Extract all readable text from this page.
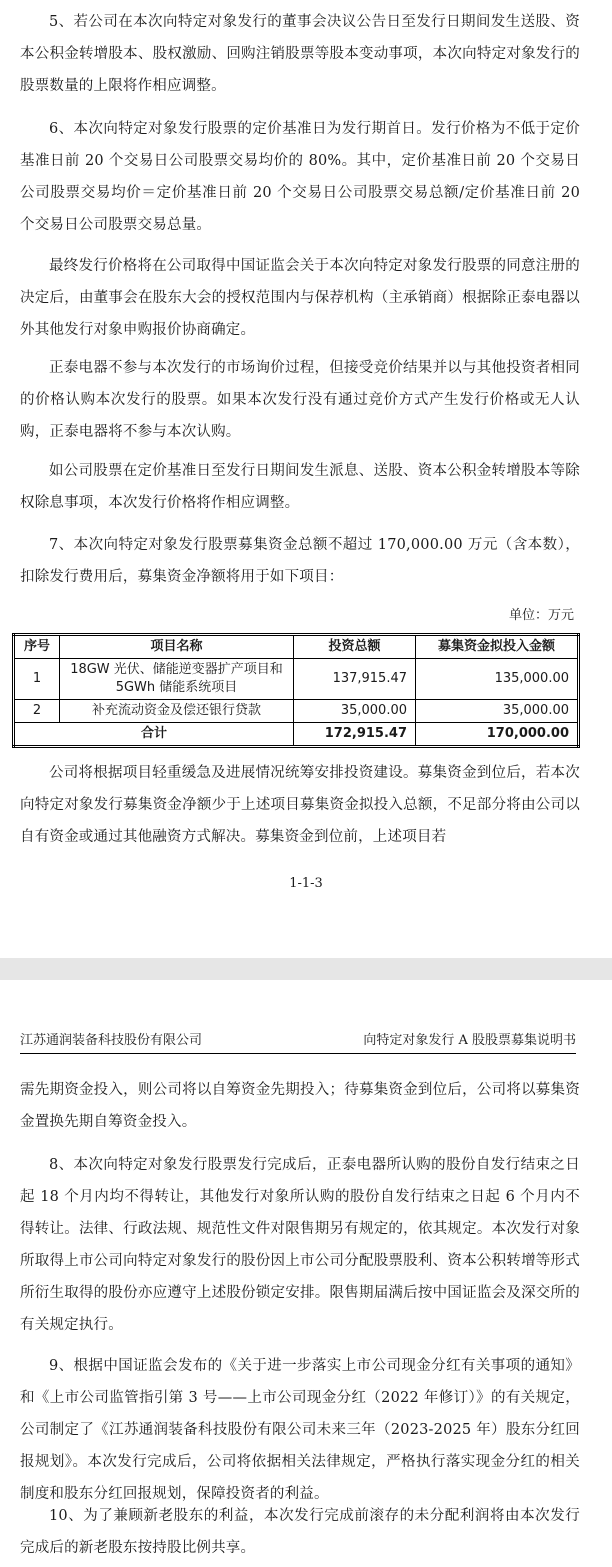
5、若公司在本次向特定对象发行的董事会决议公告日至发行日期间发生送股、资本公积金转增股本、股权激励、回购注销股票等股本变动事项，本次向特定对象发行的股票数量的上限将作相应调整。

6、本次向特定对象发行股票的定价基准日为发行期首日。发行价格为不低于定价基准日前 20 个交易日公司股票交易均价的 80%。其中，定价基准日前 20 个交易日公司股票交易均价＝定价基准日前 20 个交易日公司股票交易总额/定价基准日前 20 个交易日公司股票交易总量。

最终发行价格将在公司取得中国证监会关于本次向特定对象发行股票的同意注册的决定后，由董事会在股东大会的授权范围内与保荐机构（主承销商）根据除正泰电器以外其他发行对象申购报价协商确定。

正泰电器不参与本次发行的市场询价过程，但接受竞价结果并以与其他投资者相同的价格认购本次发行的股票。如果本次发行没有通过竞价方式产生发行价格或无人认购，正泰电器将不参与本次认购。

如公司股票在定价基准日至发行日期间发生派息、送股、资本公积金转增股本等除权除息事项，本次发行价格将作相应调整。

7、本次向特定对象发行股票募集资金总额不超过 170,000.00 万元（含本数），扣除发行费用后，募集资金净额将用于如下项目：

单位：万元
序号	项目名称	投资总额	募集资金拟投入金额
1	18GW 光伏、储能逆变器扩产项目和 5GWh 储能系统项目	137,915.47	135,000.00
2	补充流动资金及偿还银行贷款	35,000.00	35,000.00
合计		172,915.47	170,000.00

公司将根据项目轻重缓急及进展情况统筹安排投资建设。募集资金到位后，若本次向特定对象发行募集资金净额少于上述项目募集资金拟投入总额，不足部分将由公司以自有资金或通过其他融资方式解决。募集资金到位前，上述项目若

1-1-3
江苏通润装备科技股份有限公司	向特定对象发行 A 股股票募集说明书

需先期资金投入，则公司将以自筹资金先期投入；待募集资金到位后，公司将以募集资金置换先期自筹资金投入。

8、本次向特定对象发行股票发行完成后，正泰电器所认购的股份自发行结束之日起 18 个月内均不得转让，其他发行对象所认购的股份自发行结束之日起 6 个月内不得转让。法律、行政法规、规范性文件对限售期另有规定的，依其规定。本次发行对象所取得上市公司向特定对象发行的股份因上市公司分配股票股利、资本公积转增等形式所衍生取得的股份亦应遵守上述股份锁定安排。限售期届满后按中国证监会及深交所的有关规定执行。

9、根据中国证监会发布的《关于进一步落实上市公司现金分红有关事项的通知》和《上市公司监管指引第 3 号——上市公司现金分红（2022 年修订）》的有关规定，公司制定了《江苏通润装备科技股份有限公司未来三年（2023-2025 年）股东分红回报规划》。本次发行完成后，公司将依据相关法律规定，严格执行落实现金分红的相关制度和股东分红回报规划，保障投资者的利益。

10、为了兼顾新老股东的利益，本次发行完成前滚存的未分配利润将由本次发行完成后的新老股东按持股比例共享。
